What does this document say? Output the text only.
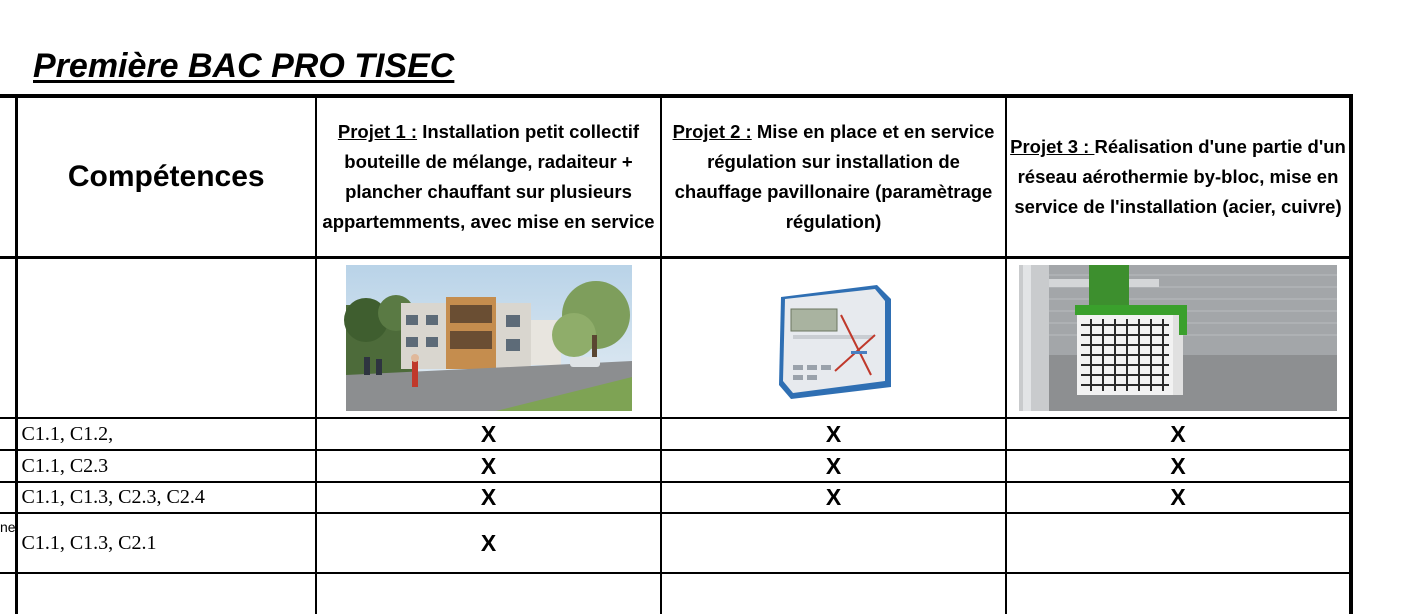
Première BAC PRO TISEC
ne
	Compétences	Projet 1 : Installation petit collectif bouteille de mélange, radaiteur + plancher chauffant sur plusieurs appartemments, avec mise en service	Projet 2 : Mise en place et en service régulation sur installation de chauffage pavillonaire (paramètrage régulation)	Projet 3 : Réalisation d'une partie d'un réseau aérothermie by-bloc, mise en service de l'installation (acier, cuivre)

	C1.1, C1.2,	X	X	X
	C1.1, C2.3	X	X	X
	C1.1, C1.3, C2.3, C2.4	X	X	X
	C1.1, C1.3, C2.1	X		
